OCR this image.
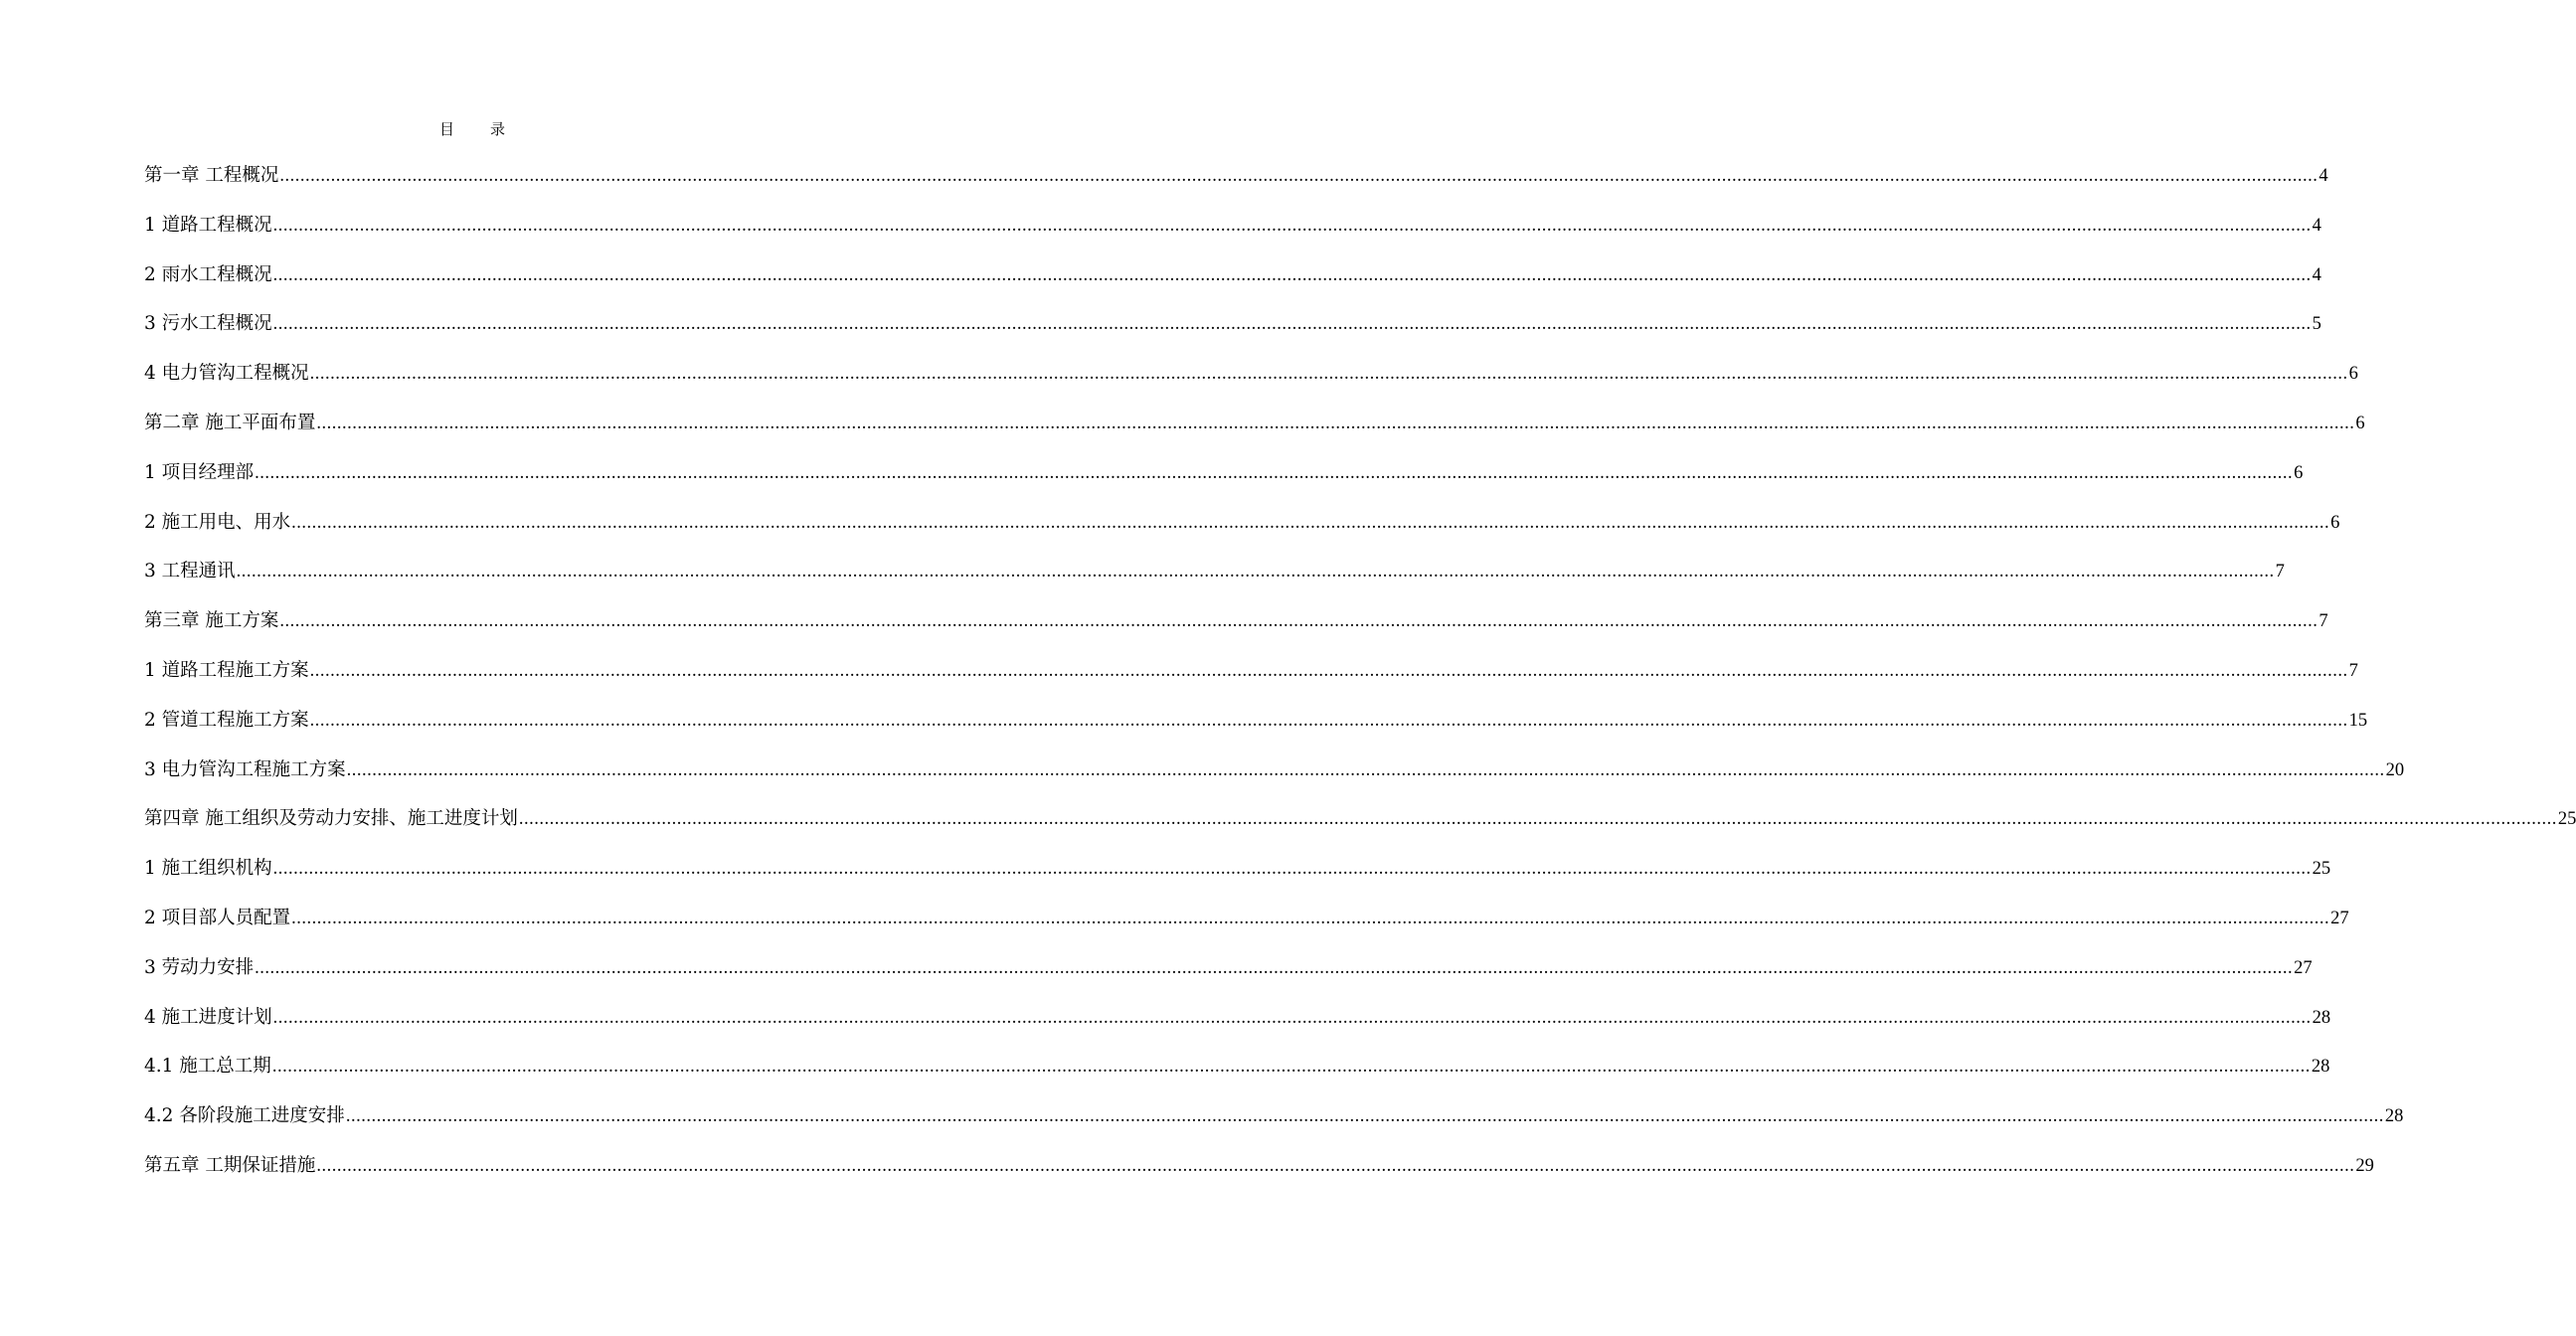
目 录
第一章 工程概况 ................................................................................................................................................................................................................................................................................................................................................................................................................ 4
1 道路工程概况 ................................................................................................................................................................................................................................................................................................................................................................................................................ 4
2 雨水工程概况 ................................................................................................................................................................................................................................................................................................................................................................................................................ 4
3 污水工程概况 ................................................................................................................................................................................................................................................................................................................................................................................................................ 5
4 电力管沟工程概况 ................................................................................................................................................................................................................................................................................................................................................................................................................ 6
第二章 施工平面布置 ................................................................................................................................................................................................................................................................................................................................................................................................................ 6
1 项目经理部 ................................................................................................................................................................................................................................................................................................................................................................................................................ 6
2 施工用电、用水 ................................................................................................................................................................................................................................................................................................................................................................................................................ 6
3 工程通讯 ................................................................................................................................................................................................................................................................................................................................................................................................................ 7
第三章 施工方案 ................................................................................................................................................................................................................................................................................................................................................................................................................ 7
1 道路工程施工方案 ................................................................................................................................................................................................................................................................................................................................................................................................................ 7
2 管道工程施工方案 ................................................................................................................................................................................................................................................................................................................................................................................................................ 15
3 电力管沟工程施工方案 ................................................................................................................................................................................................................................................................................................................................................................................................................ 20
第四章 施工组织及劳动力安排、施工进度计划 ................................................................................................................................................................................................................................................................................................................................................................................................................ 25
1 施工组织机构 ................................................................................................................................................................................................................................................................................................................................................................................................................ 25
2 项目部人员配置 ................................................................................................................................................................................................................................................................................................................................................................................................................ 27
3 劳动力安排 ................................................................................................................................................................................................................................................................................................................................................................................................................ 27
4 施工进度计划 ................................................................................................................................................................................................................................................................................................................................................................................................................ 28
4.1 施工总工期 ................................................................................................................................................................................................................................................................................................................................................................................................................ 28
4.2 各阶段施工进度安排 ................................................................................................................................................................................................................................................................................................................................................................................................................ 28
第五章 工期保证措施 ................................................................................................................................................................................................................................................................................................................................................................................................................ 29
